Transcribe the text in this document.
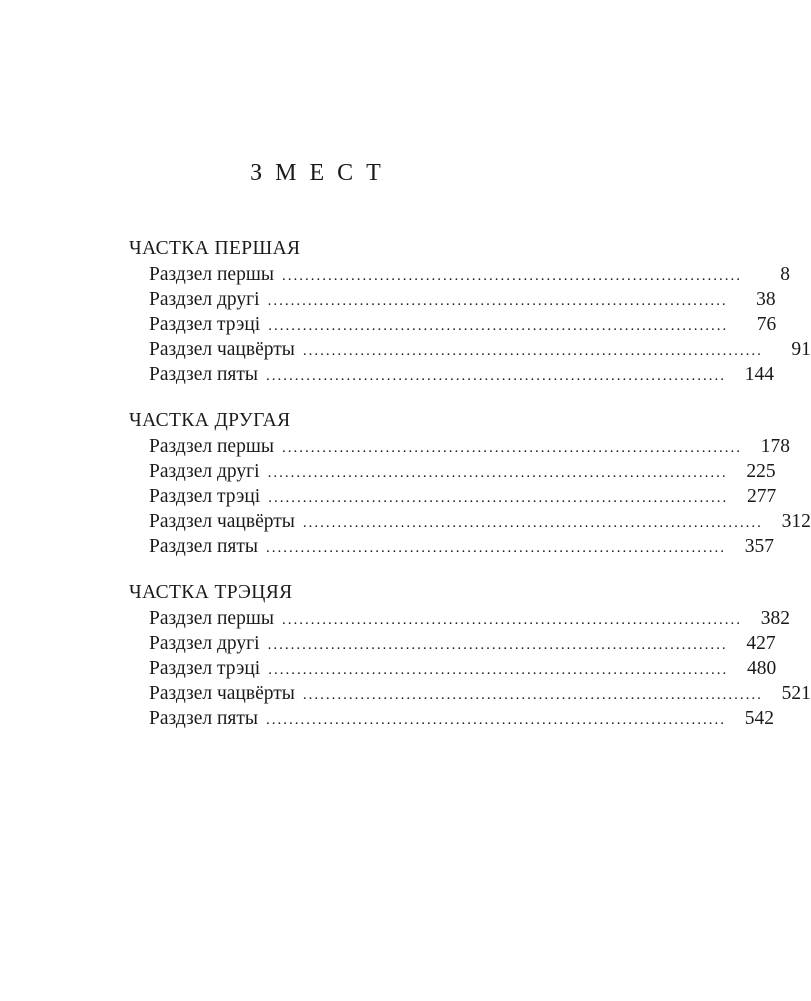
ЗМЕСТ
ЧАСТКА ПЕРШАЯ
Раздзел першы ................................................................................	8
Раздзел другі ................................................................................	38
Раздзел трэці ................................................................................	76
Раздзел чацвёрты ................................................................................	91
Раздзел пяты ................................................................................ 144
ЧАСТКА ДРУГАЯ
Раздзел першы ................................................................................ 178
Раздзел другі ................................................................................ 225
Раздзел трэці ................................................................................ 277
Раздзел чацвёрты ................................................................................ 312
Раздзел пяты ................................................................................ 357
ЧАСТКА ТРЭЦЯЯ
Раздзел першы ................................................................................ 382
Раздзел другі ................................................................................ 427
Раздзел трэці ................................................................................ 480
Раздзел чацвёрты ................................................................................ 521
Раздзел пяты ................................................................................ 542
